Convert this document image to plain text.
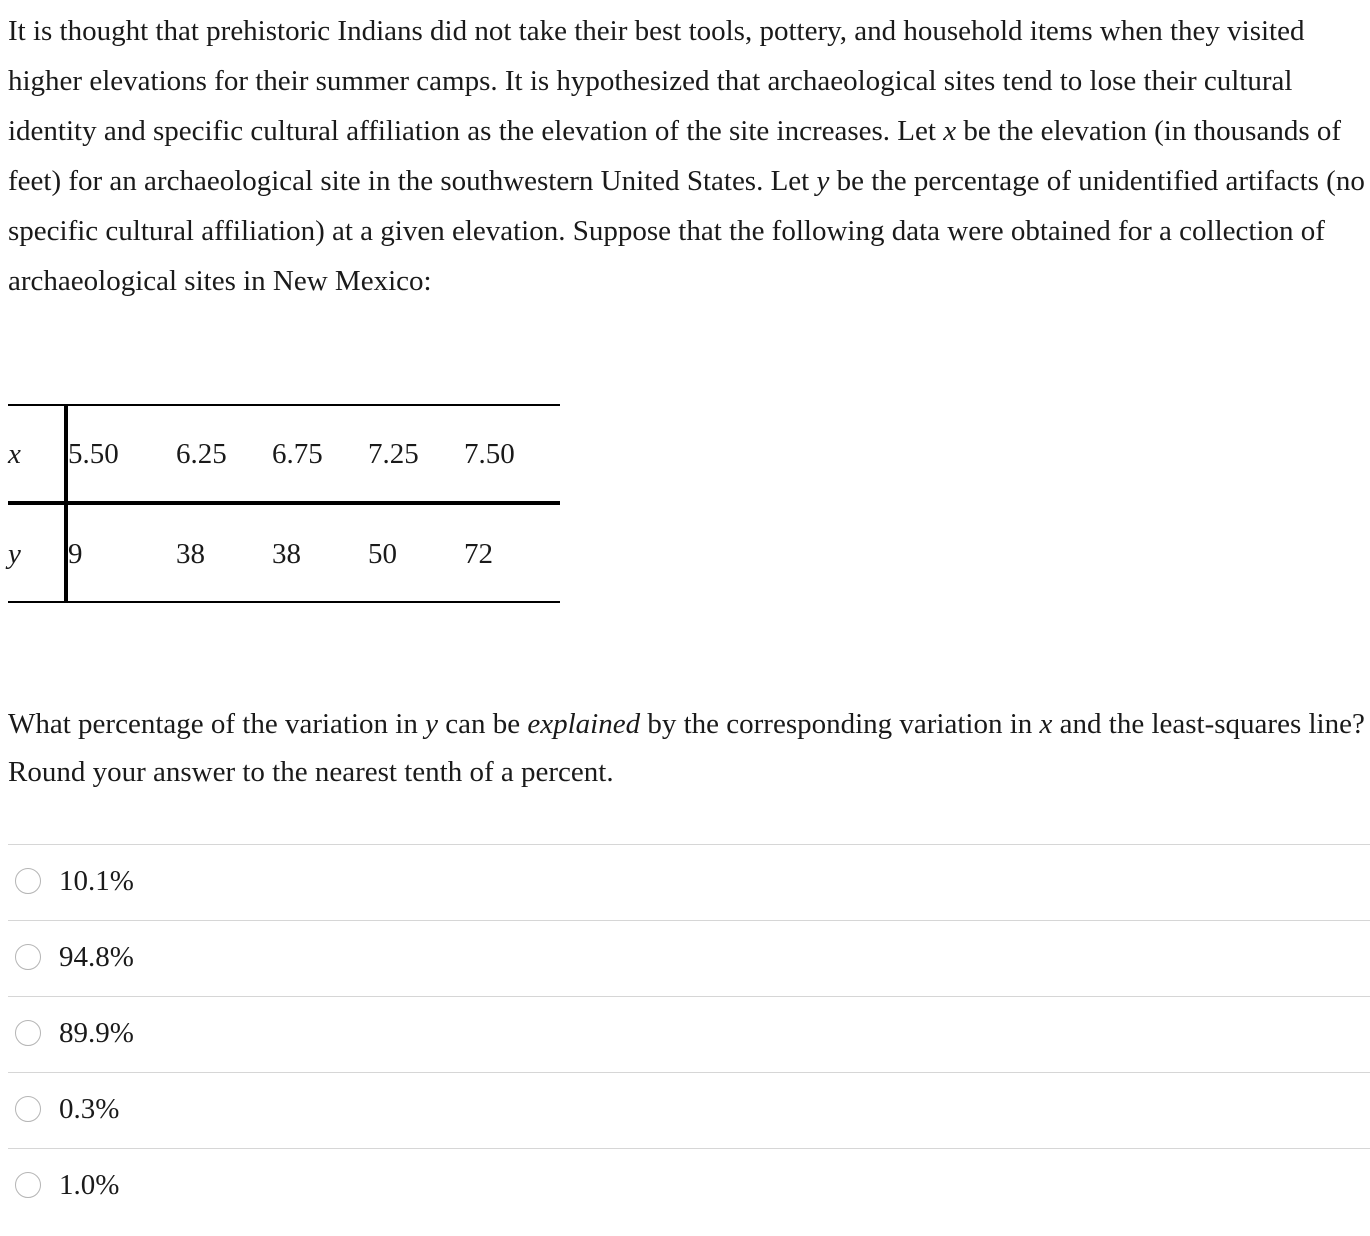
It is thought that prehistoric Indians did not take their best tools, pottery, and household items when they visited higher elevations for their summer camps. It is hypothesized that archaeological sites tend to lose their cultural identity and specific cultural affiliation as the elevation of the site increases. Let x be the elevation (in thousands of feet) for an archaeological site in the southwestern United States. Let y be the percentage of unidentified artifacts (no specific cultural affiliation) at a given elevation. Suppose that the following data were obtained for a collection of archaeological sites in New Mexico:

x 5.50 6.25 6.75 7.25 7.50
y 9	38 38 50 72

What percentage of the variation in y can be explained by the corresponding variation in x and the least-squares line? Round your answer to the nearest tenth of a percent.

10.1%
94.8%
89.9%
0.3%
1.0%
